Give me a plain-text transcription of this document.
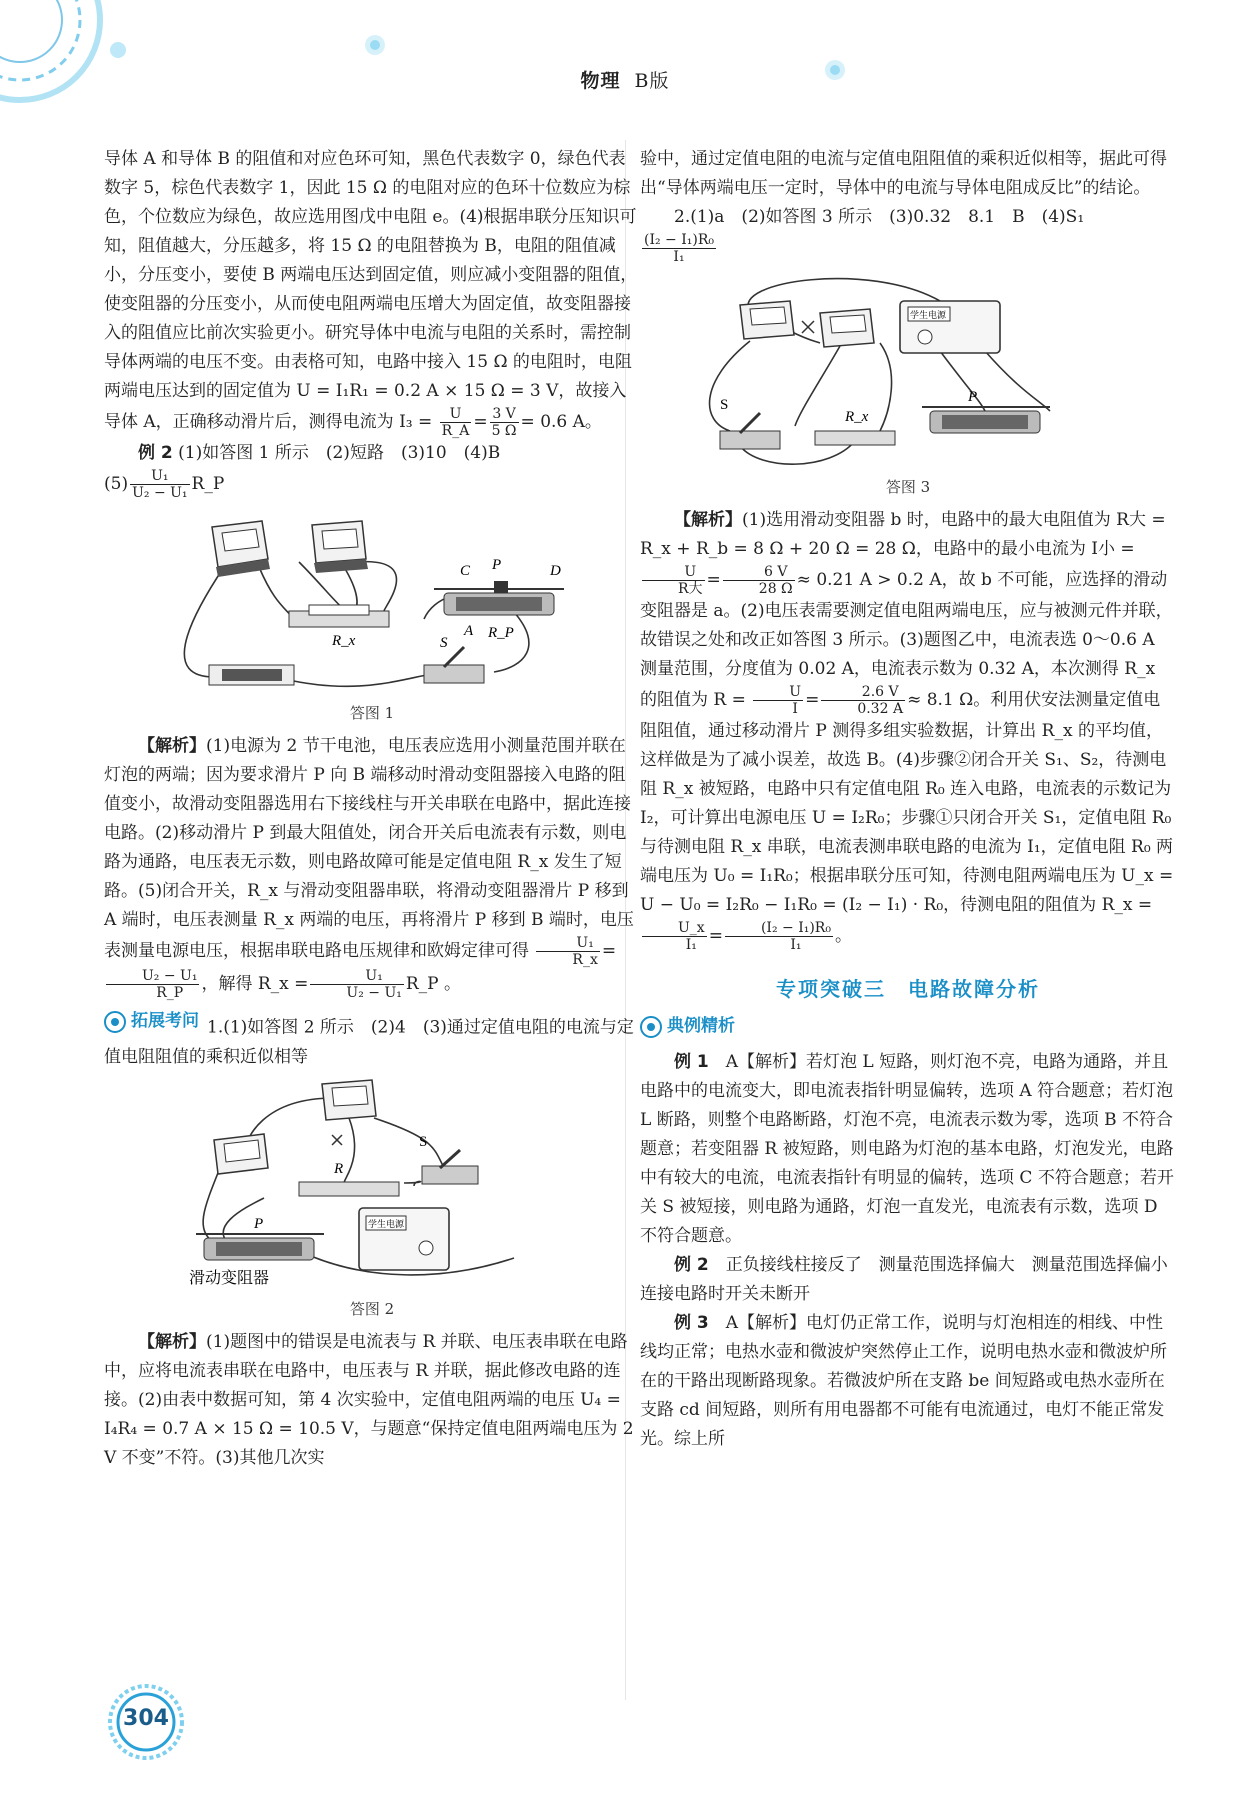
物理 B版

导体 A 和导体 B 的阻值和对应色环可知，黑色代表数字 0，绿色代表数字 5，棕色代表数字 1，因此 15 Ω 的电阻对应的色环十位数应为棕色，个位数应为绿色，故应选用图戊中电阻 e。(4)根据串联分压知识可知，阻值越大，分压越多，将 15 Ω 的电阻替换为 B，电阻的阻值减小，分压变小，要使 B 两端电压达到固定值，则应减小变阻器的阻值，使变阻器的分压变小，从而使电阻两端电压增大为固定值，故变阻器接入的阻值应比前次实验更小。研究导体中电流与电阻的关系时，需控制导体两端的电压不变。由表格可知，电路中接入 15 Ω 的电阻时，电阻两端电压达到的固定值为 U = I₁R₁ = 0.2 A × 15 Ω = 3 V，故接入导体 A，正确移动滑片后，测得电流为 $I_3 = \frac{U}{R\_A} = \frac{3 V}{5 \Omega} = 0.6$ A。

例 2 (1)如答图 1 所示　(2)短路　(3)10　(4)B

$(5) \frac{\text{U₁}}{\text{U₂ − U₁}}$ R_P

C P	D
A R_P
R_x	S
答图 1

【解析】(1)电源为 2 节干电池，电压表应选用小测量范围并联在灯泡的两端；因为要求滑片 P 向 B 端移动时滑动变阻器接入电路的阻值变小，故滑动变阻器选用右下接线柱与开关串联在电路中，据此连接电路。(2)移动滑片 P 到最大阻值处，闭合开关后电流表有示数，则电路为通路，电压表无示数，则电路故障可能是定值电阻 R_x 发生了短路。(5)闭合开关，R_x 与滑动变阻器串联，将滑动变阻器滑片 P 移到 A 端时，电压表测量 R_x 两端的电压，再将滑片 P 移到 B 端时，电压表测量电源电压，根据串联电路电压规律和欧姆定律可得 $\frac{\text{U₁}}{R\_x}$ =
$\frac{\text{U₂ − U₁}}{R\_P}$ ，解得 R_x = $\frac{\text{U₁}}{\text{U₂ − U₁}}$ R_P 。

拓展考问 1.(1)如答图 2 所示　(2)4　(3)通过定值电阻的电流与定值电阻阻值的乘积近似相等

R
S
P
滑动变阻器
学生电源
答图 2

【解析】(1)题图中的错误是电流表与 R 并联、电压表串联在电路中，应将电流表串联在电路中，电压表与 R 并联，据此修改电路的连接。(2)由表中数据可知，第 4 次实验中，定值电阻两端的电压 U₄ = I₄R₄ = 0.7 A × 15 Ω = 10.5 V，与题意“保持定值电阻两端电压为 2 V 不变”不符。(3)其他几次实

验中，通过定值电阻的电流与定值电阻阻值的乘积近似相等，据此可得出“导体两端电压一定时，导体中的电流与导体电阻成反比”的结论。

2.(1)a　(2)如答图 3 所示　(3)0.32　8.1　B　(4)S₁

$\frac{\text{(I₂ − I₁)R₀}}{\text{I₁}}$

S
R_x
P
学生电源
答图 3

【解析】(1)选用滑动变阻器 b 时，电路中的最大电阻值为 R大 = R_x + R_b = 8 Ω + 20 Ω = 28 Ω，电路中的最小电流为 I小 =
$\frac{U}{\text{R大}} = \frac{6 V}{28 \Omega} \approx 0.21$ A > 0.2 A，故 b 不可能，应选择的滑动变阻器是 a。(2)电压表需要测定值电阻两端电压，应与被测元件并联，故错误之处和改正如答图 3 所示。(3)题图乙中，电流表选 0～0.6 A 测量范围，分度值为 0.02 A，电流表示数为 0.32 A，本次测得 R_x 的阻值为 $R = \frac{U}{I} = \frac{2.6 V}{0.32 A} \approx 8.1$ Ω。利用伏安法测量定值电阻阻值，通过移动滑片 P 测得多组实验数据，计算出 R_x 的平均值，这样做是为了减小误差，故选 B。(4)步骤②闭合开关 S₁、S₂，待测电阻 R_x 被短路，电路中只有定值电阻 R₀ 连入电路，电流表的示数记为 I₂，可计算出电源电压 U = I₂R₀；步骤①只闭合开关 S₁，定值电阻 R₀ 与待测电阻 R_x 串联，电流表测串联电路的电流为 I₁，定值电阻 R₀ 两端电压为 U₀ = I₁R₀；根据串联分压可知，待测电阻两端电压为 U_x = U − U₀ = I₂R₀ − I₁R₀ = (I₂ − I₁) · R₀，待测电阻的阻值为 R_x =
$\frac{U\_x}{\text{I₁}} = \frac{\text{(I₂ − I₁)R₀}}{\text{I₁}}$ 。

专项突破三　电路故障分析

典例精析

例 1　 A【解析】若灯泡 L 短路，则灯泡不亮，电路为通路，并且电路中的电流变大，即电流表指针明显偏转，选项 A 符合题意；若灯泡 L 断路，则整个电路断路，灯泡不亮，电流表示数为零，选项 B 不符合题意；若变阻器 R 被短路，则电路为灯泡的基本电路，灯泡发光，电路中有较大的电流，电流表指针有明显的偏转，选项 C 不符合题意；若开关 S 被短接，则电路为通路，灯泡一直发光，电流表有示数，选项 D 不符合题意。

例 2　 正负接线柱接反了　测量范围选择偏大　测量范围选择偏小　连接电路时开关未断开

例 3　 A【解析】电灯仍正常工作，说明与灯泡相连的相线、中性线均正常；电热水壶和微波炉突然停止工作，说明电热水壶和微波炉所在的干路出现断路现象。若微波炉所在支路 be 间短路或电热水壶所在支路 cd 间短路，则所有用电器都不可能有电流通过，电灯不能正常发光。综上所

304
